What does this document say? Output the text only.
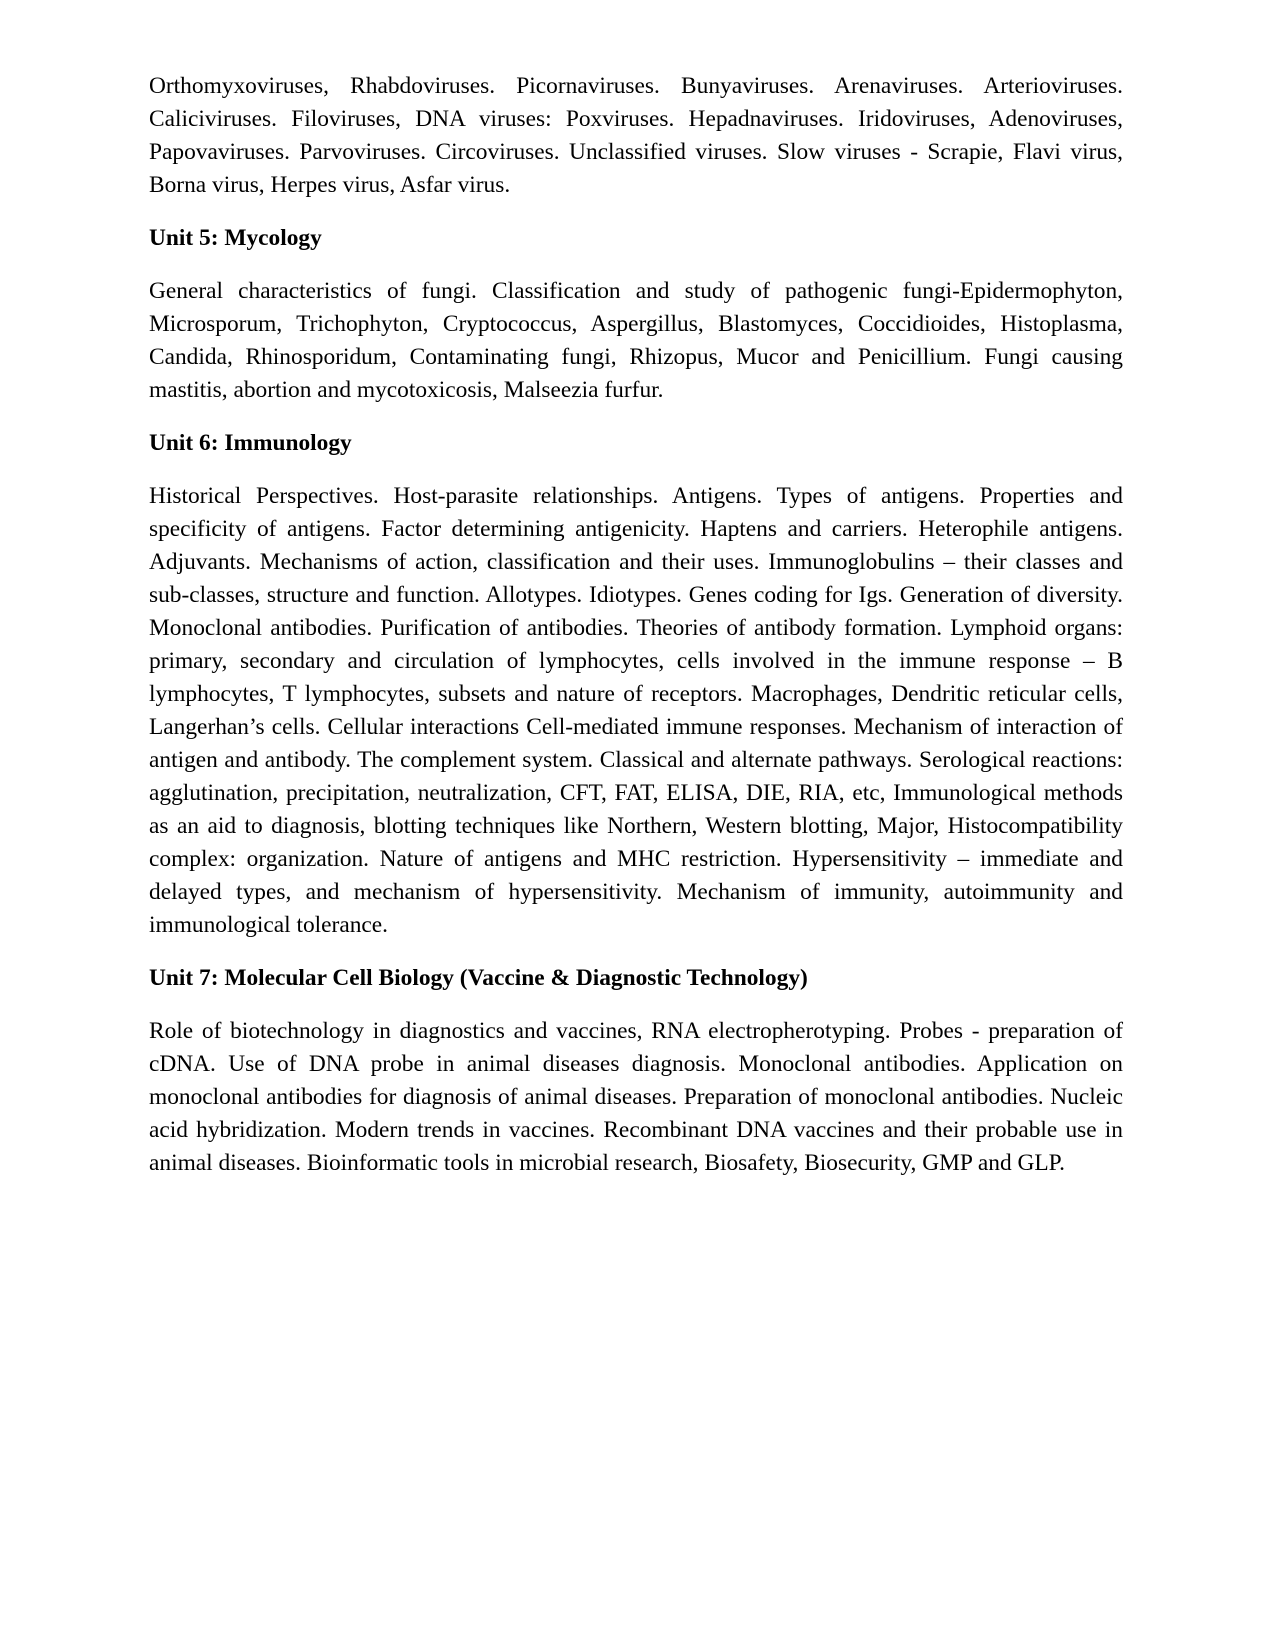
Orthomyxoviruses, Rhabdoviruses. Picornaviruses. Bunyaviruses. Arenaviruses. Arterioviruses. Caliciviruses. Filoviruses, DNA viruses: Poxviruses. Hepadnaviruses. Iridoviruses, Adenoviruses, Papovaviruses. Parvoviruses. Circoviruses. Unclassified viruses. Slow viruses - Scrapie, Flavi virus, Borna virus, Herpes virus, Asfar virus.

Unit 5: Mycology

General characteristics of fungi. Classification and study of pathogenic fungi-Epidermophyton, Microsporum, Trichophyton, Cryptococcus, Aspergillus, Blastomyces, Coccidioides, Histoplasma, Candida, Rhinosporidum, Contaminating fungi, Rhizopus, Mucor and Penicillium. Fungi causing mastitis, abortion and mycotoxicosis, Malseezia furfur.

Unit 6: Immunology

Historical Perspectives. Host-parasite relationships. Antigens. Types of antigens. Properties and specificity of antigens. Factor determining antigenicity. Haptens and carriers. Heterophile antigens. Adjuvants. Mechanisms of action, classification and their uses. Immunoglobulins – their classes and sub-classes, structure and function. Allotypes. Idiotypes. Genes coding for Igs. Generation of diversity. Monoclonal antibodies. Purification of antibodies. Theories of antibody formation. Lymphoid organs: primary, secondary and circulation of lymphocytes, cells involved in the immune response – B lymphocytes, T lymphocytes, subsets and nature of receptors. Macrophages, Dendritic reticular cells, Langerhan’s cells. Cellular interactions Cell-mediated immune responses. Mechanism of interaction of antigen and antibody. The complement system. Classical and alternate pathways. Serological reactions: agglutination, precipitation, neutralization, CFT, FAT, ELISA, DIE, RIA, etc, Immunological methods as an aid to diagnosis, blotting techniques like Northern, Western blotting, Major, Histocompatibility complex: organization. Nature of antigens and MHC restriction. Hypersensitivity – immediate and delayed types, and mechanism of hypersensitivity. Mechanism of immunity, autoimmunity and immunological tolerance.

Unit 7: Molecular Cell Biology (Vaccine & Diagnostic Technology)

Role of biotechnology in diagnostics and vaccines, RNA electropherotyping. Probes - preparation of cDNA. Use of DNA probe in animal diseases diagnosis. Monoclonal antibodies. Application on monoclonal antibodies for diagnosis of animal diseases. Preparation of monoclonal antibodies. Nucleic acid hybridization. Modern trends in vaccines. Recombinant DNA vaccines and their probable use in animal diseases. Bioinformatic tools in microbial research, Biosafety, Biosecurity, GMP and GLP.
